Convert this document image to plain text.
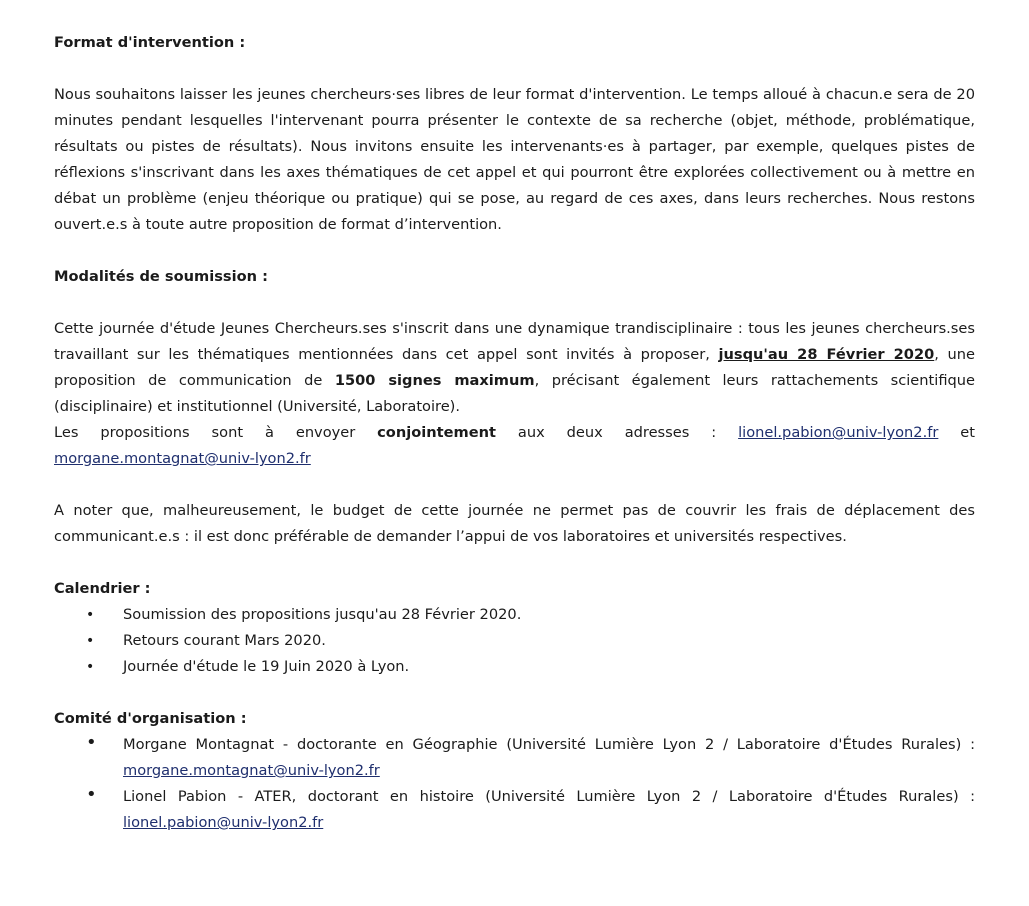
Format d'intervention :

Nous souhaitons laisser les jeunes chercheurs·ses libres de leur format d'intervention. Le temps alloué à chacun.e sera de 20 minutes pendant lesquelles l'intervenant pourra présenter le contexte de sa recherche (objet, méthode, problématique, résultats ou pistes de résultats). Nous invitons ensuite les intervenants·es à partager, par exemple, quelques pistes de réflexions s'inscrivant dans les axes thématiques de cet appel et qui pourront être explorées collectivement ou à mettre en débat un problème (enjeu théorique ou pratique) qui se pose, au regard de ces axes, dans leurs recherches. Nous restons ouvert.e.s à toute autre proposition de format d’intervention.

Modalités de soumission :

Cette journée d'étude Jeunes Chercheurs.ses s'inscrit dans une dynamique trandisciplinaire : tous les jeunes chercheurs.ses travaillant sur les thématiques mentionnées dans cet appel sont invités à proposer, jusqu'au 28 Février 2020, une proposition de communication de 1500 signes maximum, précisant également leurs rattachements scientifique (disciplinaire) et institutionnel (Université, Laboratoire).

Les propositions sont à envoyer conjointement aux deux adresses : lionel.pabion@univ-lyon2.fr et morgane.montagnat@univ-lyon2.fr

A noter que, malheureusement, le budget de cette journée ne permet pas de couvrir les frais de déplacement des communicant.e.s : il est donc préférable de demander l’appui de vos laboratoires et universités respectives.

Calendrier :

• Soumission des propositions jusqu'au 28 Février 2020.
• Retours courant Mars 2020.
• Journée d'étude le 19 Juin 2020 à Lyon.

Comité d'organisation :

• Morgane Montagnat - doctorante en Géographie (Université Lumière Lyon 2 / Laboratoire d'Études Rurales) : morgane.montagnat@univ-lyon2.fr
• Lionel Pabion - ATER, doctorant en histoire (Université Lumière Lyon 2 / Laboratoire d'Études Rurales) : lionel.pabion@univ-lyon2.fr
